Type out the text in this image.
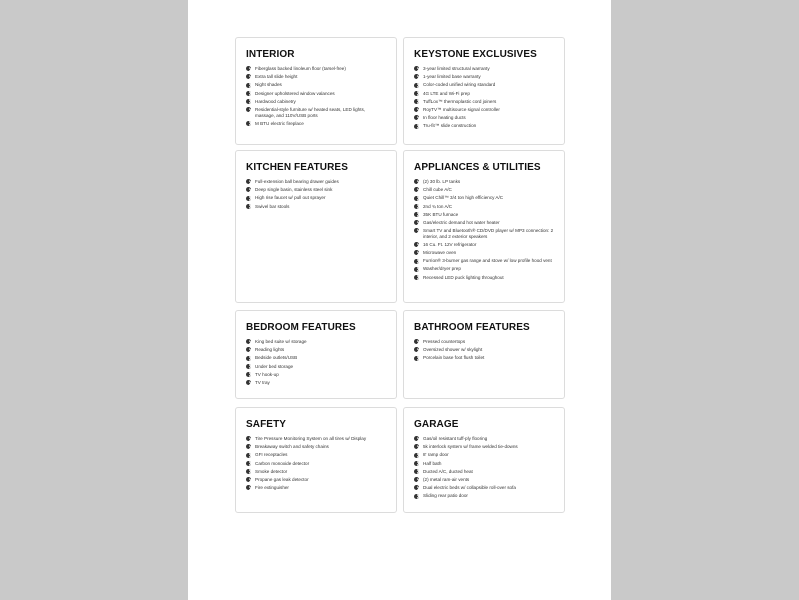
INTERIOR
Fiberglass backed linoleum floor (tarsel-free)
Extra tall slide height
Night shades
Designer upholstered window valances
Hardwood cabinetry
Residential-style furniture w/ heated seats, LED lights, massage, and 110V/USB ports
M BTU electric fireplace
KEYSTONE EXCLUSIVES
3-year limited structural warranty
1-year limited base warranty
Color-coded unified wiring standard
4G LTE and Wi-Fi prep
TuffLox™ thermoplastic cord joiners
RoyTV™ multisource signal controller
In floor heating ducts
Tru-fit™ slide construction
KITCHEN FEATURES
Full-extension ball bearing drawer guides
Deep single basin, stainless steel sink
High rise faucet w/ pull out sprayer
Swivel bar stools
APPLIANCES & UTILITIES
(2) 30 lb. LP tanks
Chill cube A/C
Quiet Chill™ 3/4 ton high efficiency A/C
2nd ¾ ton A/C
35K BTU furnace
Gas/electric demand hot water heater
Smart TV and Bluetooth® CD/DVD player w/ MP3 connection: 2 interior, and 2 exterior speakers
16 Cu. Ft. 12V refrigerator
Microwave oven
Furrion® 3-burner gas range and stove w/ low profile hood vent
Washer/dryer prep
Recessed LED puck lighting throughout
BEDROOM FEATURES
King bed suite w/ storage
Reading lights
Bedside outlets/USB
Under bed storage
TV hook-up
TV tray
BATHROOM FEATURES
Pressed countertops
Oversized shower w/ skylight
Porcelain base foot flush toilet
SAFETY
Tire Pressure Monitoring System on all tires w/ Display
Breakaway switch and safety chains
GFI receptacles
Carbon monoxide detector
Smoke detector
Propane gas leak detector
Fire extinguisher
GARAGE
Gas/oil resistant tuff-ply flooring
5k interlock system w/ frame welded tie-downs
8' ramp door
Half bath
Ducted A/C, ducted heat
(2) metal ram-air vents
Dual electric beds w/ collapsible roll-over sofa
Sliding rear patio door
